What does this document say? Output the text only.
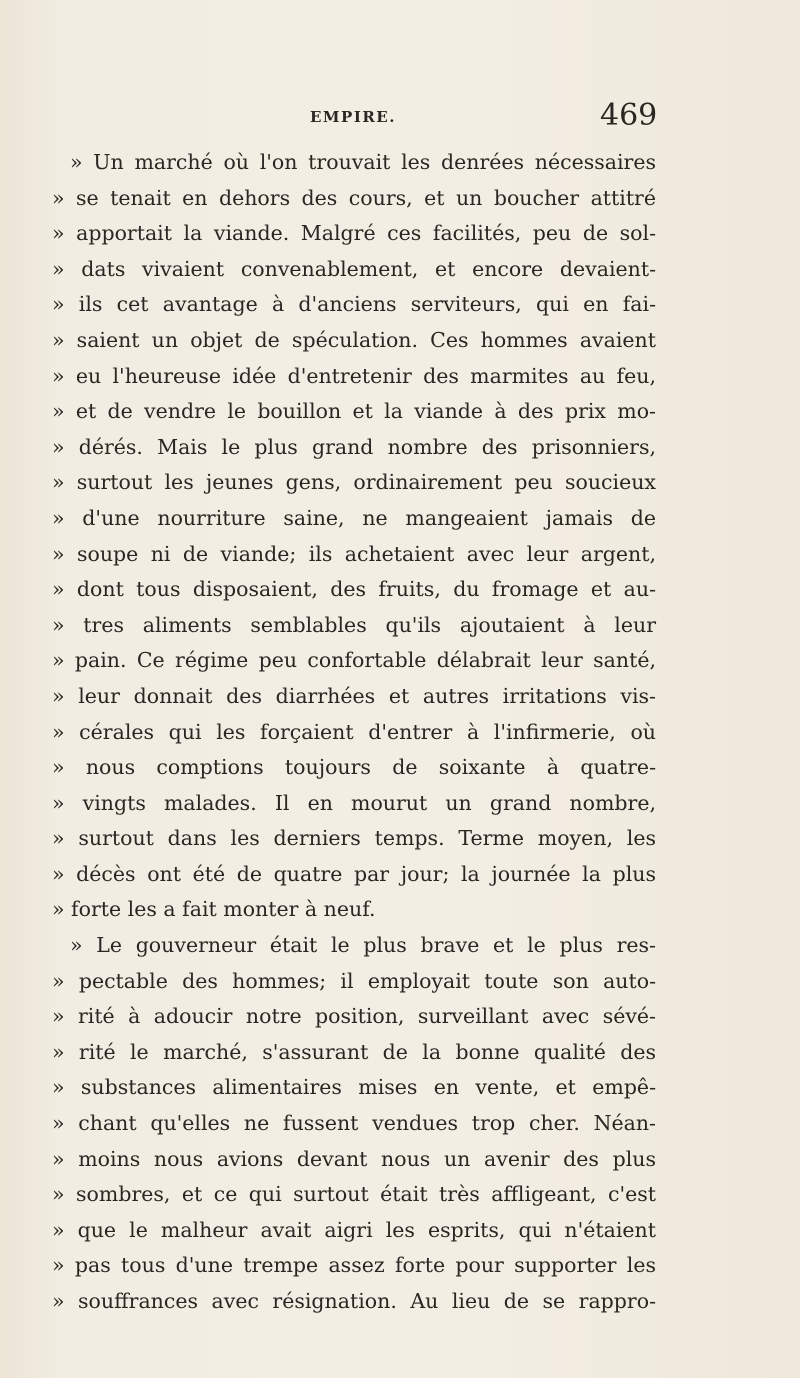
EMPIRE.	469
» Un marché où l'on trouvait les denrées nécessaires
» se tenait en dehors des cours, et un boucher attitré
» apportait la viande. Malgré ces facilités, peu de sol-
» dats vivaient convenablement, et encore devaient-
» ils cet avantage à d'anciens serviteurs, qui en fai-
» saient un objet de spéculation. Ces hommes avaient
» eu l'heureuse idée d'entretenir des marmites au feu,
» et de vendre le bouillon et la viande à des prix mo-
» dérés. Mais le plus grand nombre des prisonniers,
» surtout les jeunes gens, ordinairement peu soucieux
» d'une nourriture saine, ne mangeaient jamais de
» soupe ni de viande; ils achetaient avec leur argent,
» dont tous disposaient, des fruits, du fromage et au-
» tres aliments semblables qu'ils ajoutaient à leur
» pain. Ce régime peu confortable délabrait leur santé,
» leur donnait des diarrhées et autres irritations vis-
» cérales qui les forçaient d'entrer à l'infirmerie, où
» nous comptions toujours de soixante à quatre-
» vingts malades. Il en mourut un grand nombre,
» surtout dans les derniers temps. Terme moyen, les
» décès ont été de quatre par jour; la journée la plus
» forte les a fait monter à neuf.
» Le gouverneur était le plus brave et le plus res-
» pectable des hommes; il employait toute son auto-
» rité à adoucir notre position, surveillant avec sévé-
» rité le marché, s'assurant de la bonne qualité des
» substances alimentaires mises en vente, et empê-
» chant qu'elles ne fussent vendues trop cher. Néan-
» moins nous avions devant nous un avenir des plus
» sombres, et ce qui surtout était très affligeant, c'est
» que le malheur avait aigri les esprits, qui n'étaient
» pas tous d'une trempe assez forte pour supporter les
» souffrances avec résignation. Au lieu de se rappro-
